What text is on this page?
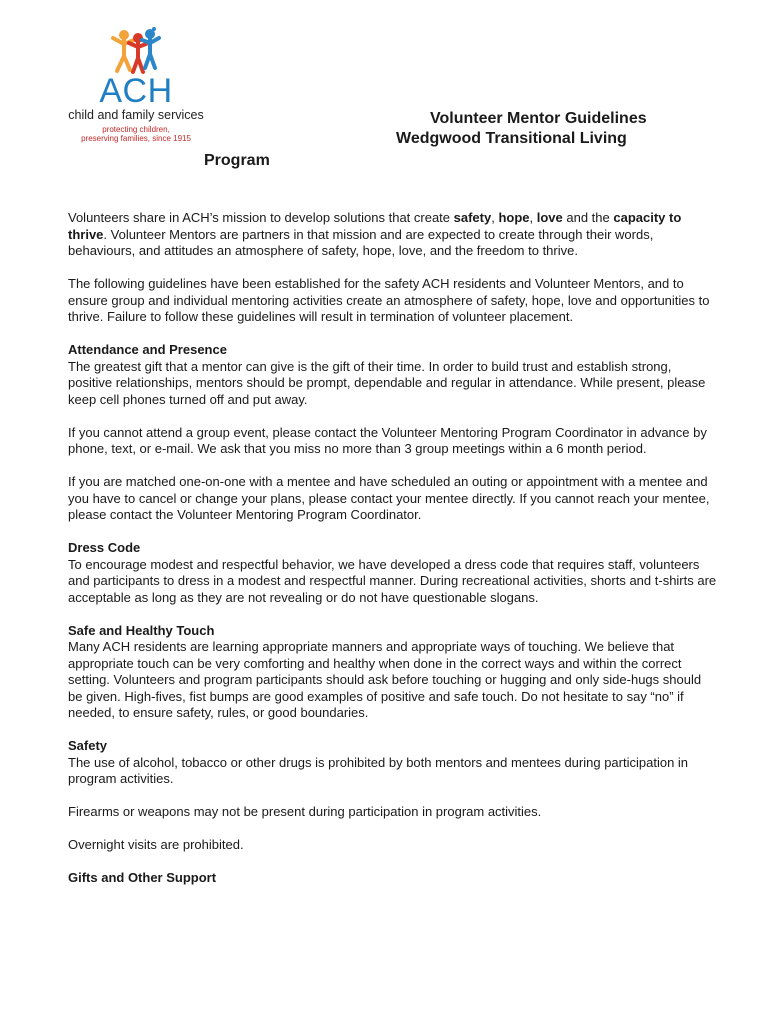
ACH
child and family services
protecting children,
preserving families, since 1915
Volunteer Mentor Guidelines
Wedgwood Transitional Living
Program

Volunteers share in ACH’s mission to develop solutions that create safety, hope, love and the capacity to thrive. Volunteer Mentors are partners in that mission and are expected to create through their words, behaviours, and attitudes an atmosphere of safety, hope, love, and the freedom to thrive.

The following guidelines have been established for the safety ACH residents and Volunteer Mentors, and to ensure group and individual mentoring activities create an atmosphere of safety, hope, love and opportunities to thrive. Failure to follow these guidelines will result in termination of volunteer placement.

Attendance and Presence

The greatest gift that a mentor can give is the gift of their time. In order to build trust and establish strong, positive relationships, mentors should be prompt, dependable and regular in attendance. While present, please keep cell phones turned off and put away.

If you cannot attend a group event, please contact the Volunteer Mentoring Program Coordinator in advance by phone, text, or e-mail. We ask that you miss no more than 3 group meetings within a 6 month period.

If you are matched one-on-one with a mentee and have scheduled an outing or appointment with a mentee and you have to cancel or change your plans, please contact your mentee directly. If you cannot reach your mentee, please contact the Volunteer Mentoring Program Coordinator.

Dress Code

To encourage modest and respectful behavior, we have developed a dress code that requires staff, volunteers and participants to dress in a modest and respectful manner. During recreational activities, shorts and t-shirts are acceptable as long as they are not revealing or do not have questionable slogans.

Safe and Healthy Touch

Many ACH residents are learning appropriate manners and appropriate ways of touching. We believe that appropriate touch can be very comforting and healthy when done in the correct ways and within the correct setting. Volunteers and program participants should ask before touching or hugging and only side-hugs should be given. High-fives, fist bumps are good examples of positive and safe touch. Do not hesitate to say “no” if needed, to ensure safety, rules, or good boundaries.

Safety

The use of alcohol, tobacco or other drugs is prohibited by both mentors and mentees during participation in program activities.

Firearms or weapons may not be present during participation in program activities.

Overnight visits are prohibited.

Gifts and Other Support
